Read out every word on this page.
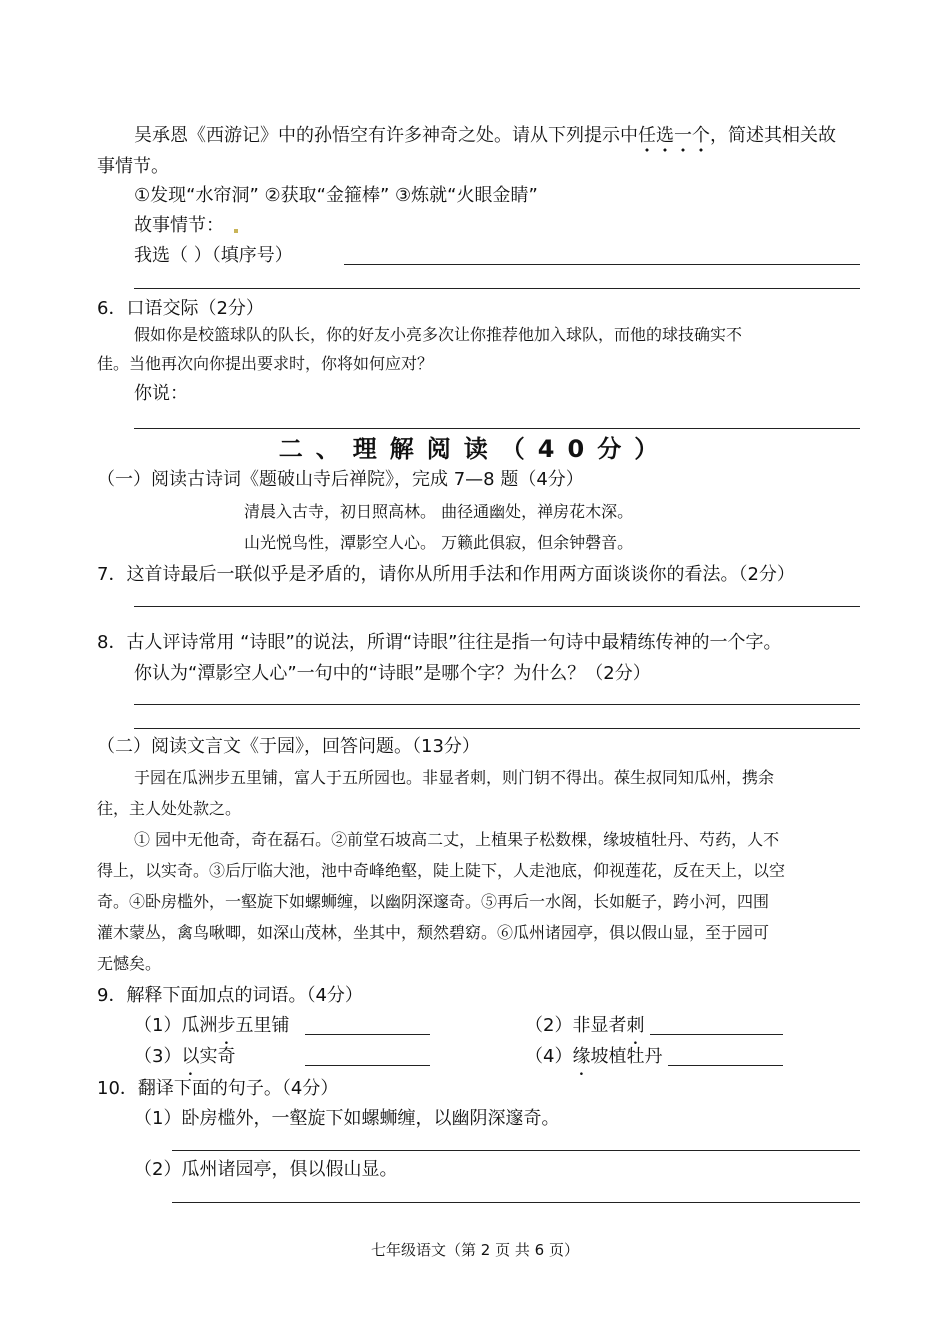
吴承恩《西游记》中的孙悟空有许多神奇之处。请从下列提示中任选一个，简述其相关故
事情节。
①发现“水帘洞” ②获取“金箍棒” ③炼就“火眼金睛”
故事情节：
我选（ ）（填序号）
6．口语交际（2分）
假如你是校篮球队的队长，你的好友小亮多次让你推荐他加入球队，而他的球技确实不
佳。当他再次向你提出要求时，你将如何应对？
你说：
二、理解阅读（40分）
（一）阅读古诗词《题破山寺后禅院》，完成 7—8 题（4分）
清晨入古寺，初日照高林。 曲径通幽处，禅房花木深。
山光悦鸟性，潭影空人心。 万籁此俱寂，但余钟磬音。
7．这首诗最后一联似乎是矛盾的，请你从所用手法和作用两方面谈谈你的看法。（2分）
8．古人评诗常用 “诗眼”的说法，所谓“诗眼”往往是指一句诗中最精练传神的一个字。
你认为“潭影空人心”一句中的“诗眼”是哪个字？为什么？（2分）
（二）阅读文言文《于园》，回答问题。（13分）
于园在瓜洲步五里铺，富人于五所园也。非显者刺，则门钥不得出。葆生叔同知瓜州，携余
往，主人处处款之。
① 园中无他奇，奇在磊石。②前堂石坡高二丈，上植果子松数棵，缘坡植牡丹、芍药，人不
得上，以实奇。③后厅临大池，池中奇峰绝壑，陡上陡下，人走池底，仰视莲花，反在天上，以空
奇。④卧房槛外，一壑旋下如螺蛳缠，以幽阴深邃奇。⑤再后一水阁，长如艇子，跨小河，四围
灌木蒙丛，禽鸟啾唧，如深山茂林，坐其中，颓然碧窈。⑥瓜州诸园亭，俱以假山显，至于园可
无憾矣。
9．解释下面加点的词语。（4分）
（1）瓜洲步五里铺	（2）非显者刺
（3）以实奇	（4）缘坡植牡丹
10．翻译下面的句子。（4分）
（1）卧房槛外，一壑旋下如螺蛳缠，以幽阴深邃奇。
（2）瓜州诸园亭，俱以假山显。
七年级语文（第 2 页 共 6 页）
